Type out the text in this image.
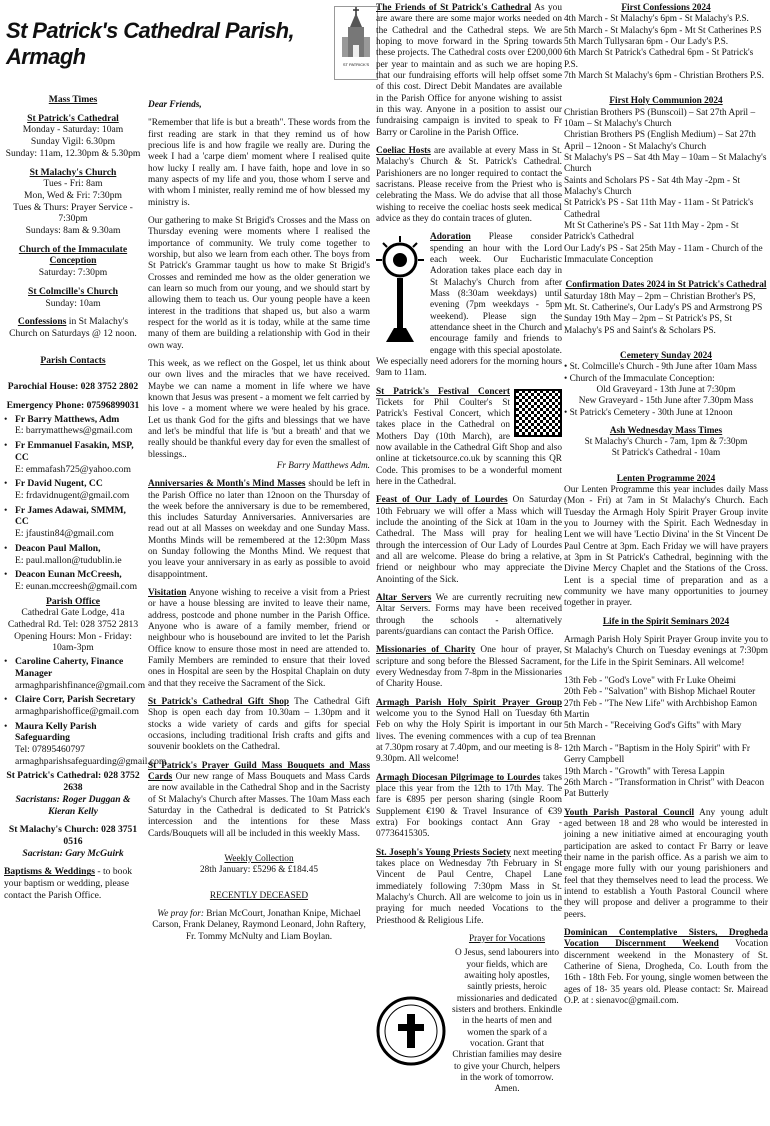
St Patrick's Cathedral Parish, Armagh	ST PATRICK'S
Mass Times
St Patrick's Cathedral
Monday - Saturday: 10am
Sunday Vigil: 6.30pm
Sunday: 11am, 12.30pm & 5.30pm
St Malachy's Church
Tues - Fri: 8am
Mon, Wed & Fri: 7:30pm
Tues & Thurs: Prayer Service - 7:30pm
Sundays: 8am & 9.30am
Church of the Immaculate Conception
Saturday: 7:30pm
St Colmcille's Church
Sunday: 10am
Confessions in St Malachy's Church on Saturdays @ 12 noon.
Parish Contacts
Parochial House: 028 3752 2802
Emergency Phone: 07596899031
• Fr Barry Matthews, Adm
E: barrymatthews@gmail.com
• Fr Emmanuel Fasakin, MSP, CC
E: emmafash725@yahoo.com
• Fr David Nugent, CC
E: frdavidnugent@gmail.com
• Fr James Adawai, SMMM, CC
E: jfaustin84@gmail.com
• Deacon Paul Mallon,
E: paul.mallon@tudublin.ie
• Deacon Eunan McCreesh,
E: eunan.mccreesh@gmail.com
Parish Office
Cathedral Gate Lodge, 41a Cathedral Rd. Tel: 028 3752 2813 Opening Hours: Mon - Friday: 10am-3pm
• Caroline Caherty, Finance Manager
armaghparishfinance@gmail.com
• Claire Corr, Parish Secretary
armaghparishoffice@gmail.com
• Maura Kelly Parish Safeguarding
Tel: 07895460797 armaghparishsafeguarding@gmail.com
St Patrick's Cathedral: 028 3752 2638
Sacristans: Roger Duggan & Kieran Kelly
St Malachy's Church: 028 3751 0516
Sacristan: Gary McGuirk
Baptisms & Weddings - to book your baptism or wedding, please contact the Parish Office.

Dear Friends,

"Remember that life is but a breath". These words from the first reading are stark in that they remind us of how precious life is and how fragile we really are. During the week I had a 'carpe diem' moment where I realised quite how lucky I really am. I have faith, hope and love in so many aspects of my life and you, those whom I serve and with whom I minister, really remind me of how blessed my ministry is.

Our gathering to make St Brigid's Crosses and the Mass on Thursday evening were moments where I realised the importance of community. We truly come together to worship, but also we learn from each other. The boys from St Patrick's Grammar taught us how to make St Brigid's Crosses and reminded me how as the older generation we can learn so much from our young, and we should start by allowing them to teach us. Our young people have a keen interest in the traditions that shaped us, but also a warm respect for the world as it is today, while at the same time many of them are building a relationship with God in their own way.

This week, as we reflect on the Gospel, let us think about our own lives and the miracles that we have received. Maybe we can name a moment in life where we have known that Jesus was present - a moment we felt carried by his love - a moment where we were healed by his grace. Let us thank God for the gifts and blessings that we have and let's be mindful that life is 'but a breath' and that we really should be thankful every day for even the smallest of blessings..

Fr Barry Matthews Adm.

Anniversaries & Month's Mind Masses should be left in the Parish Office no later than 12noon on the Thursday of the week before the anniversary is due to be remembered, this includes Saturday Anniversaries. Anniversaries are read out at all Masses on weekday and one Sunday Mass. Months Minds will be remembered at the 12:30pm Mass on Sunday following the Months Mind. We request that you leave your anniversary in as early as possible to avoid disappointment.

Visitation Anyone wishing to receive a visit from a Priest or have a house blessing are invited to leave their name, address, postcode and phone number in the Parish Office. Anyone who is aware of a family member, friend or neighbour who is housebound are invited to let the Parish Office know to ensure those most in need are attended to. Family Members are reminded to ensure that their loved ones in Hospital are seen by the Hospital Chaplain on duty and that they receive the Sacrament of the Sick.

St Patrick's Cathedral Gift Shop The Cathedral Gift Shop is open each day from 10.30am – 1.30pm and it stocks a wide variety of cards and gifts for special occasions, including traditional Irish crafts and gifts and souvenir booklets on the Cathedral.

St Patrick's Prayer Guild Mass Bouquets and Mass Cards Our new range of Mass Bouquets and Mass Cards are now available in the Cathedral Shop and in the Sacristy of St Malachy's Church after Masses. The 10am Mass each Saturday in the Cathedral is dedicated to St Patrick's intercession and the intentions for these Mass Cards/Bouquets will all be included in this weekly Mass.

Weekly Collection

28th January: £5296 & £184.45

RECENTLY DECEASED

We pray for: Brian McCourt, Jonathan Knipe, Michael Carson, Frank Delaney, Raymond Leonard, John Raftery, Fr. Tommy McNulty and Liam Boylan.

The Friends of St Patrick's Cathedral As you are aware there are some major works needed on the Cathedral and the Cathedral steps. We are hoping to move forward in the Spring towards these projects. The Cathedral costs over £200,000 per year to maintain and as such we are hoping that our fundraising efforts will help offset some of this cost. Direct Debit Mandates are available in the Parish Office for anyone wishing to assist in this way. Anyone in a position to assist our fundraising campaign is invited to speak to Fr Barry or Caroline in the Parish Office.

Coeliac Hosts are available at every Mass in St. Malachy's Church & St. Patrick's Cathedral. Parishioners are no longer required to contact the sacristans. Please receive from the Priest who is celebrating the Mass. We do advise that all those wishing to receive the coeliac hosts seek medical advice as they do contain traces of gluten.

Adoration Please consider spending an hour with the Lord each week. Our Eucharistic Adoration takes place each day in St Malachy's Church from after Mass (8:30am weekdays) until evening (7pm weekdays - 5pm weekend). Please sign the attendance sheet in the Church and encourage family and friends to engage with this special apostolate. We especially need adorers for the morning hours 9am to 11am.

St Patrick's Festival Concert Tickets for Phil Coulter's St Patrick's Festival Concert, which takes place in the Cathedral on Mothers Day (10th March), are now available in the Cathedral Gift Shop and also online at ticketsource.co.uk by scanning this QR Code. This promises to be a wonderful moment here in the Cathedral.

Feast of Our Lady of Lourdes On Saturday 10th February we will offer a Mass which will include the anointing of the Sick at 10am in the Cathedral. The Mass will pray for healing through the intercession of Our Lady of Lourdes and all are welcome. Please do bring a relative, friend or neighbour who may appreciate the Anointing of the Sick.

Altar Servers We are currently recruiting new Altar Servers. Forms may have been received through the schools - alternatively parents/guardians can contact the Parish Office.

Missionaries of Charity One hour of prayer, scripture and song before the Blessed Sacrament, every Wednesday from 7-8pm in the Missionaries of Charity House.

Armagh Parish Holy Spirit Prayer Group welcome you to the Synod Hall on Tuesday 6th Feb on why the Holy Spirit is important in our lives. The evening commences with a cup of tea at 7.30pm rosary at 7.40pm, and our meeting is 8-9.30pm. All welcome!

Armagh Diocesan Pilgrimage to Lourdes takes place this year from the 12th to 17th May. The fare is €895 per person sharing (single Room Supplement €190 & Travel Insurance of €39 extra) For bookings contact Ann Gray - 07736415305.

St. Joseph's Young Priests Society next meeting takes place on Wednesday 7th February in St Vincent de Paul Centre, Chapel Lane immediately following 7:30pm Mass in St. Malachy's Church. All are welcome to join us in praying for much needed Vocations to the Priesthood & Religious Life.

Prayer for Vocations

O Jesus, send labourers into your fields, which are awaiting holy apostles, saintly priests, heroic missionaries and dedicated sisters and brothers. Enkindle in the hearts of men and women the spark of a vocation. Grant that Christian families may desire to give your Church, helpers in the work of tomorrow. Amen.

First Confessions 2024

4th March - St Malachy's 6pm - St Malachy's P.S.
5th March - St Malachy's 6pm - Mt St Catherines P.S
5th March Tullysaran 6pm - Our Lady's P.S.
6th March St Patrick's Cathedral 6pm - St Patrick's P.S.
7th March St Malachy's 6pm - Christian Brothers P.S.

First Holy Communion 2024

Christian Brothers PS (Bunscoil) – Sat 27th April – 10am – St Malachy's Church
Christian Brothers PS (English Medium) – Sat 27th April – 12noon - St Malachy's Church
St Malachy's PS – Sat 4th May – 10am – St Malachy's Church
Saints and Scholars PS - Sat 4th May -2pm - St Malachy's Church
St Patrick's PS - Sat 11th May - 11am - St Patrick's Cathedral
Mt St Catherine's PS - Sat 11th May - 2pm - St Patrick's Cathedral
Our Lady's PS - Sat 25th May - 11am - Church of the Immaculate Conception

Confirmation Dates 2024 in St Patrick's Cathedral

Saturday 18th May – 2pm – Christian Brother's PS, Mt. St. Catherine's, Our Lady's PS and Armstrong PS
Sunday 19th May – 2pm – St Patrick's PS, St Malachy's PS and Saint's & Scholars PS.

Cemetery Sunday 2024

• St. Colmcille's Church - 9th June after 10am Mass
• Church of the Immaculate Conception:
Old Graveyard - 13th June at 7:30pm
New Graveyard - 15th June after 7.30pm Mass
• St Patrick's Cemetery - 30th June at 12noon

Ash Wednesday Mass Times

St Malachy's Church - 7am, 1pm & 7:30pm
St Patrick's Cathedral - 10am

Lenten Programme 2024

Our Lenten Programme this year includes daily Mass (Mon - Fri) at 7am in St Malachy's Church. Each Tuesday the Armagh Holy Spirit Prayer Group invite you to Journey with the Spirit. Each Wednesday in Lent we will have 'Lectio Divina' in the St Vincent De Paul Centre at 3pm. Each Friday we will have prayers at 3pm in St Patrick's Cathedral, beginning with the Divine Mercy Chaplet and the Stations of the Cross. Lent is a special time of preparation and as a community we have many opportunities to journey together in prayer.

Life in the Spirit Seminars 2024

Armagh Parish Holy Spirit Prayer Group invite you to St Malachy's Church on Tuesday evenings at 7:30pm for the Life in the Spirit Seminars. All welcome!

13th Feb - "God's Love" with Fr Luke Oheimi
20th Feb - "Salvation" with Bishop Michael Router
27th Feb - "The New Life" with Archbishop Eamon Martin
5th March - "Receiving God's Gifts" with Mary Brennan
12th March - "Baptism in the Holy Spirit" with Fr Gerry Campbell
19th March - "Growth" with Teresa Lappin
26th March - "Transformation in Christ" with Deacon Pat Butterly

Youth Parish Pastoral Council Any young adult aged between 18 and 28 who would be interested in joining a new initiative aimed at encouraging youth participation are asked to contact Fr Barry or leave their name in the parish office. As a parish we aim to engage more fully with our young parishioners and feel that they themselves need to lead the process. We intend to establish a Youth Pastoral Council where they will propose and deliver a programme to their peers.

Dominican Contemplative Sisters, Drogheda Vocation Discernment Weekend Vocation discernment weekend in the Monastery of St. Catherine of Siena, Drogheda, Co. Louth from the 16th - 18th Feb. For young, single women between the ages of 18- 35 years old. Please contact: Sr. Mairead O.P. at : sienavoc@gmail.com.
